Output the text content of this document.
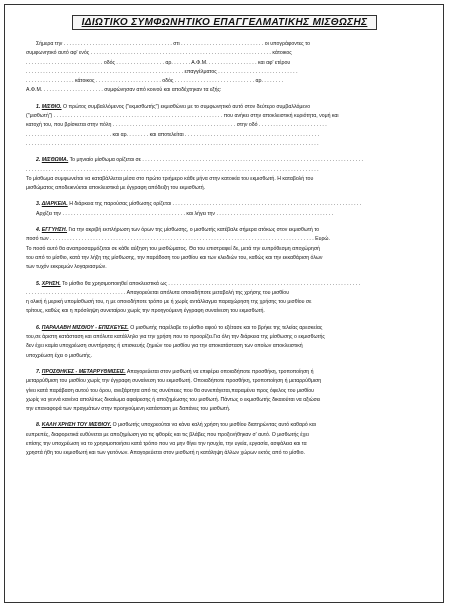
ΙΔΙΩΤΙΚΟ ΣΥΜΦΩΝΗΤΙΚΟ ΕΠΑΓΓΕΛΜΑΤΙΚΗΣ ΜΙΣΘΩΣΗΣ
Σήμερα την . . . . . . . . . . . . . . . . . . . . . . . . . . . . . . . . . . . . . . στι . . . . . . . . . . . . . . . . . . . . . . . . . . . . . οι υπογράφοντες το
συμφωνητικό αυτό αφ' ενός . . . . . . . . . . . . . . . . . . . . . . . . . . . . . . . . . . . . . . . . . . . . . . . . . . . . . . . . . . . . . . . κάτοικος
. . . . . . . . . . . . . . . . . . . . . . . . . . . οδός . . . . . . . . . . . . . . . . . αρ. . . . . . . Α.Φ.Μ. . . . . . . . . . . . . . . . . . και αφ' ετέρου
. . . . . . . . . . . . . . . . . . . . . . . . . . . . . . . . . . . . . . . . . . . . . . . . . . . . . . . επαγγέλματος . . . . . . . . . . . . . . . . . . . . . . . . . . . .
. . . . . . . . . . . . . . . . . κάτοικος . . . . . . . . . . . . . . . . . . . . . . . οδός . . . . . . . . . . . . . . . . . . . . . . . . . . . . αρ. . . . . . . .
Α.Φ.Μ. . . . . . . . . . . . . . . . . . . . . . συμφώνησαν από κοινού και αποδέχτηκαν τα εξής:
1. ΜΙΣΘΙΟ. Ο πρώτος συμβαλλόμενος ("εκμισθωτής") εκμισθώνει με το συμφωνητικό αυτό στον δεύτερο συμβαλλόμενο
("μισθωτή") . . . . . . . . . . . . . . . . . . . . . . . . . . . . . . . . . . . . . . . . . . . . . . . . . . . . . . . . . . . που ανήκει στην αποκλειστική κυριότητα, νομή και
κατοχή του, που βρίσκεται στην πόλη . . . . . . . . . . . . . . . . . . . . . . . . . . . . . . . . . . . . . . . . . . . στην οδό . . . . . . . . . . . . . . . . . . . . . . . .
. . . . . . . . . . . . . . . . . . . . . . . . . . . . . . και αρ. . . . . . . . και αποτελείται . . . . . . . . . . . . . . . . . . . . . . . . . . . . . . . . . . . . . . . . . . . . . . .
. . . . . . . . . . . . . . . . . . . . . . . . . . . . . . . . . . . . . . . . . . . . . . . . . . . . . . . . . . . . . . . . . . . . . . . . . . . . . . . . . . . . . . . . . . . . . . . . . . . . . .
2. ΜΙΣΘΩΜΑ. Το μηνιαίο μίσθωμα ορίζεται σε . . . . . . . . . . . . . . . . . . . . . . . . . . . . . . . . . . . . . . . . . . . . . . . . . . . . . . . . . . . . . . . . . . . . . . . . . . . . .
. . . . . . . . . . . . . . . . . . . . . . . . . . . . . . . . . . . . . . . . . . . . . . . . . . . . . . . . . . . . . . . . . . . . . . . . . . . . . . . . . . . . . . . . . . . . . . . . . . . . . .
Το μίσθωμα συμφωνείται να καταβάλλεται μέσα στο πρώτο τριήμερο κάθε μήνα στην κατοικία του εκμισθωτή. Η καταβολή του
μισθώματος αποδεικνύεται αποκλειστικά με έγγραφη απόδειξη του εκμισθωτή.
3. ΔΙΑΡΚΕΙΑ. Η διάρκεια της παρούσας μίσθωσης ορίζεται . . . . . . . . . . . . . . . . . . . . . . . . . . . . . . . . . . . . . . . . . . . . . . . . . . . . . . . . . . . . . . . . . .
Αρχίζει την . . . . . . . . . . . . . . . . . . . . . . . . . . . . . . . . . . . . . . . . . . . και λήγει την . . . . . . . . . . . . . . . . . . . . . . . . . . . . . . . . . . . . . . . . .
4. ΕΓΓΥΗΣΗ. Για την ακριβή εκπλήρωση των όρων της μίσθωσης, ο μισθωτής κατέβαλε σήμερα ατόκως στον εκμισθωτή το
ποσό των . . . . . . . . . . . . . . . . . . . . . . . . . . . . . . . . . . . . . . . . . . . . . . . . . . . . . . . . . . . . . . . . . . . . . . . . . . . . . . . . . . . . . . . . . . . . Ευρώ.
Το ποσό αυτό θα αναπροσαρμόζεται σε κάθε αύξηση του μισθώματος. Θα του επιστραφεί δε, μετά την ευπρόθεσμη αποχώρησή
του από το μίσθιο, κατά την λήξη της μίσθωσης, την παράδοση του μισθίου και των κλειδιών του, καθώς και την εκκαθάριση όλων
των τυχόν εκκρεμών λογαριασμών.
5. ΧΡΗΣΗ. Το μίσθιο θα χρησιμοποιηθεί αποκλειστικά ως . . . . . . . . . . . . . . . . . . . . . . . . . . . . . . . . . . . . . . . . . . . . . . . . . . . . . . . . . . . . . . . . . . .
. . . . . . . . . . . . . . . . . . . . . . . . . . . . . . . . . . . Απαγορεύεται απόλυτα οποιαδήποτε μεταβολή της χρήσης του μισθίου
η ολική ή μερική υπομίσθωσή του, η με οποιοδήποτε τρόπο με ή χωρίς αντάλλαγμα παραχώρηση της χρήσης του μισθίου σε
τρίτους, καθώς και η πρόσληψη συνεταίρου χωρίς την προηγούμενη έγγραφη συναίνεση του εκμισθωτή.
6. ΠΑΡΑΛΑΒΗ ΜΙΣΘΙΟΥ - ΕΠΙΣΚΕΥΕΣ. Ο μισθωτής παρέλαβε το μίσθιο αφού το εξέτασε και το βρήκε της τελείας αρεσκείας
του,σε άριστη κατάσταση και απόλυτα κατάλληλο για την χρήση που το προορίζει.Για όλη την διάρκεια της μίσθωσης ο εκμισθωτής
δεν έχει καμία υποχρέωση συντήρησης ή επισκευής ζημιών του μισθίου για την αποκατάσταση των οποίων αποκλειστική
υποχρέωση έχει ο μισθωτής.
7. ΠΡΟΣΘΗΚΕΣ - ΜΕΤΑΡΡΥΘΜΙΣΕΙΣ. Απαγορεύεται στον μισθωτή να επιφέρει οποιαδήποτε προσθήκη, τροποποίηση ή
μεταρρύθμιση του μισθίου χωρίς την έγγραφη συναίνεση του εκμισθωτή. Οποιαδήποτε προσθήκη, τροποποίηση ή μεταρρύθμιση
γίνει κατά παράβαση αυτού του όρου, ανεξάρτητα από τις συνέπειες που θα συνεπάγεται,παραμένει προς όφελος του μισθίου
χωρίς να γεννά κανένα απολύτως δικαίωμα αφαίρεσης ή αποζημίωσης του μισθωτή. Πάντως ο εκμισθωτής δικαιούται να αξιώσει
την επαναφορά των πραγμάτων στην προηγούμενη κατάσταση με δαπάνες του μισθωτή.
8. ΚΑΛΗ ΧΡΗΣΗ ΤΟΥ ΜΙΣΘΙΟΥ. Ο μισθωτής υποχρεούται να κάνει καλή χρήση του μισθίου διατηρώντας αυτό καθαρό και
ευπρεπές, διαφορετικά ευθύνεται με αποζημίωση για τις φθορές και τις βλάβες που προξενήθηκαν σ' αυτό. Ο μισθωτής έχει
επίσης την υποχρέωση να το χρησιμοποιήσει κατά τρόπο που να μην θίγει την ησυχία, την υγεία, εργασία, ασφάλεια και τα
χρηστά ήθη του εκμισθωτή και των γειτόνων. Απαγορεύεται στον μισθωτή η κατάληψη άλλων χώρων εκτός από το μίσθιο.
